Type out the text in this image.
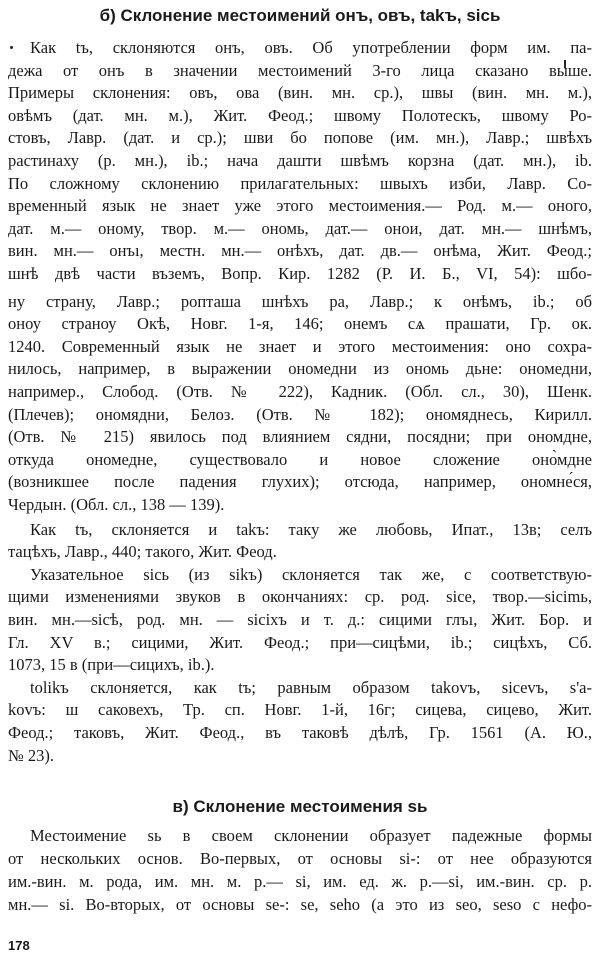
б) Склонение местоимений онъ, овъ, takъ, sicь
Как tъ, склоняются онъ, овъ. Об употреблении форм им. па-
дежа от онъ в значении местоимений 3-го лица сказано выше.
Примеры склонения: овъ, ова (вин. мн. ср.), швы (вин. мн. м.),
овѣмъ (дат. мн. м.), Жит. Феод.; швому Полотескъ, швому Ро-
стовъ, Лавр. (дат. и ср.); шви бо попове (им. мн.), Лавр.; швѣхъ
растинаху (р. мн.), ib.; нача дашти швѣмъ корзна (дат. мн.), ib.
По сложному склонению прилагательных: швыхъ изби, Лавр. Со-
временный язык не знает уже этого местоимения.— Род. м.— оного,
дат. м.— оному, твор. м.— ономь, дат.— онои, дат. мн.— шнѣмъ,
вин. мн.— онъı, местн. мн.— онѣхъ, дат. дв.— онѣма, Жит. Феод.;
шнѣ двѣ части въземъ, Вопр. Кир. 1282 (Р. И. Б., VI, 54): шбо-
ну страну, Лавр.; ропташа шнѣхъ ра, Лавр.; к онѣмъ, ib.; об
оноу страноу Окѣ, Новг. 1-я, 146; онемъ сѧ прашати, Гр. ок.
1240. Современный язык не знает и этого местоимения: оно сохра-
нилось, например, в выражении ономедни из ономь дьне: ономедни,
например., Слобод. (Отв. № 222), Кадник. (Обл. сл., 30), Шенк.
(Плечев); ономядни, Белоз. (Отв. № 182); ономяднесь, Кирилл.
(Отв. № 215) явилось под влиянием сядни, посядни; при ономдне,
откуда ономедне, существовало и новое сложение оно̀мдне
(возникшее после падения глухих); отсюда, например, ономне́ся,
Чердын. (Обл. сл., 138 — 139).
Как tъ, склоняется и takъ: таку же любовь, Ипат., 13в; селъ
тацѣхъ, Лавр., 440; такого, Жит. Феод.
Указательное sicь (из sikъ) склоняется так же, с соответствую-
щими изменениями звуков в окончаниях: ср. род. sice, твор.—sicimь,
вин. мн.—sicѣ, род. мн. — sicixъ и т. д.: сицими глъı, Жит. Бор. и
Гл. XV в.; сицими, Жит. Феод.; при—сицѣми, ib.; сицѣхъ, Сб.
1073, 15 в (при—сицихъ, ib.).
tolikъ склоняется, как tъ; равным образом takovъ, sicevъ, s'a-
kovъ: ш саковехъ, Тр. сп. Новг. 1-й, 16г; сицева, сицево, Жит.
Феод.; таковъ, Жит. Феод., въ таковѣ дѣлѣ, Гр. 1561 (А. Ю.,
№ 23).
в) Склонение местоимения sь
Местоимение sь в своем склонении образует падежные формы
от нескольких основ. Во-первых, от основы si-: от нее образуются
им.-вин. м. рода, им. мн. м. р.— si, им. ед. ж. р.—si, им.-вин. ср. р.
мн.— si. Во-вторых, от основы se-: se, seho (а это из seo, seso с нефо-
178
